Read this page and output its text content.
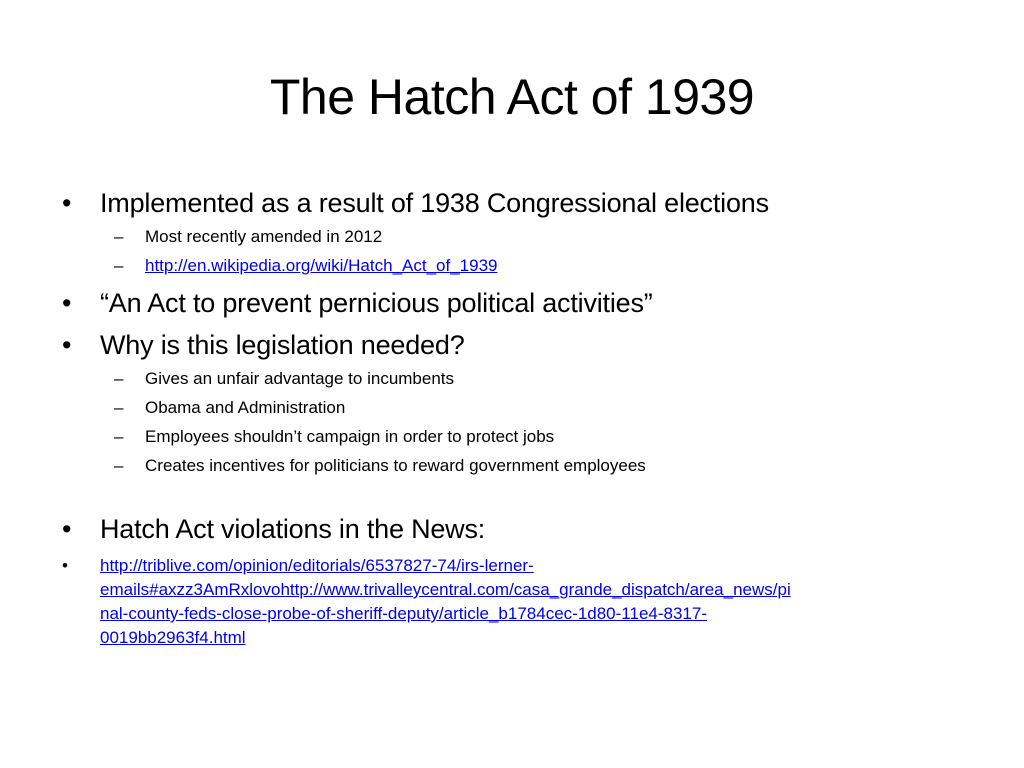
The Hatch Act of 1939
• Implemented as a result of 1938 Congressional elections
– Most recently amended in 2012
– http://en.wikipedia.org/wiki/Hatch_Act_of_1939
• “An Act to prevent pernicious political activities”
• Why is this legislation needed?
– Gives an unfair advantage to incumbents
– Obama and Administration
– Employees shouldn’t campaign in order to protect jobs
– Creates incentives for politicians to reward government employees
• Hatch Act violations in the News:
• http://triblive.com/opinion/editorials/6537827-74/irs-lerner-
emails#axzz3AmRxlovohttp://www.trivalleycentral.com/casa_grande_dispatch/area_news/pi
nal-county-feds-close-probe-of-sheriff-deputy/article_b1784cec-1d80-11e4-8317-
0019bb2963f4.html
